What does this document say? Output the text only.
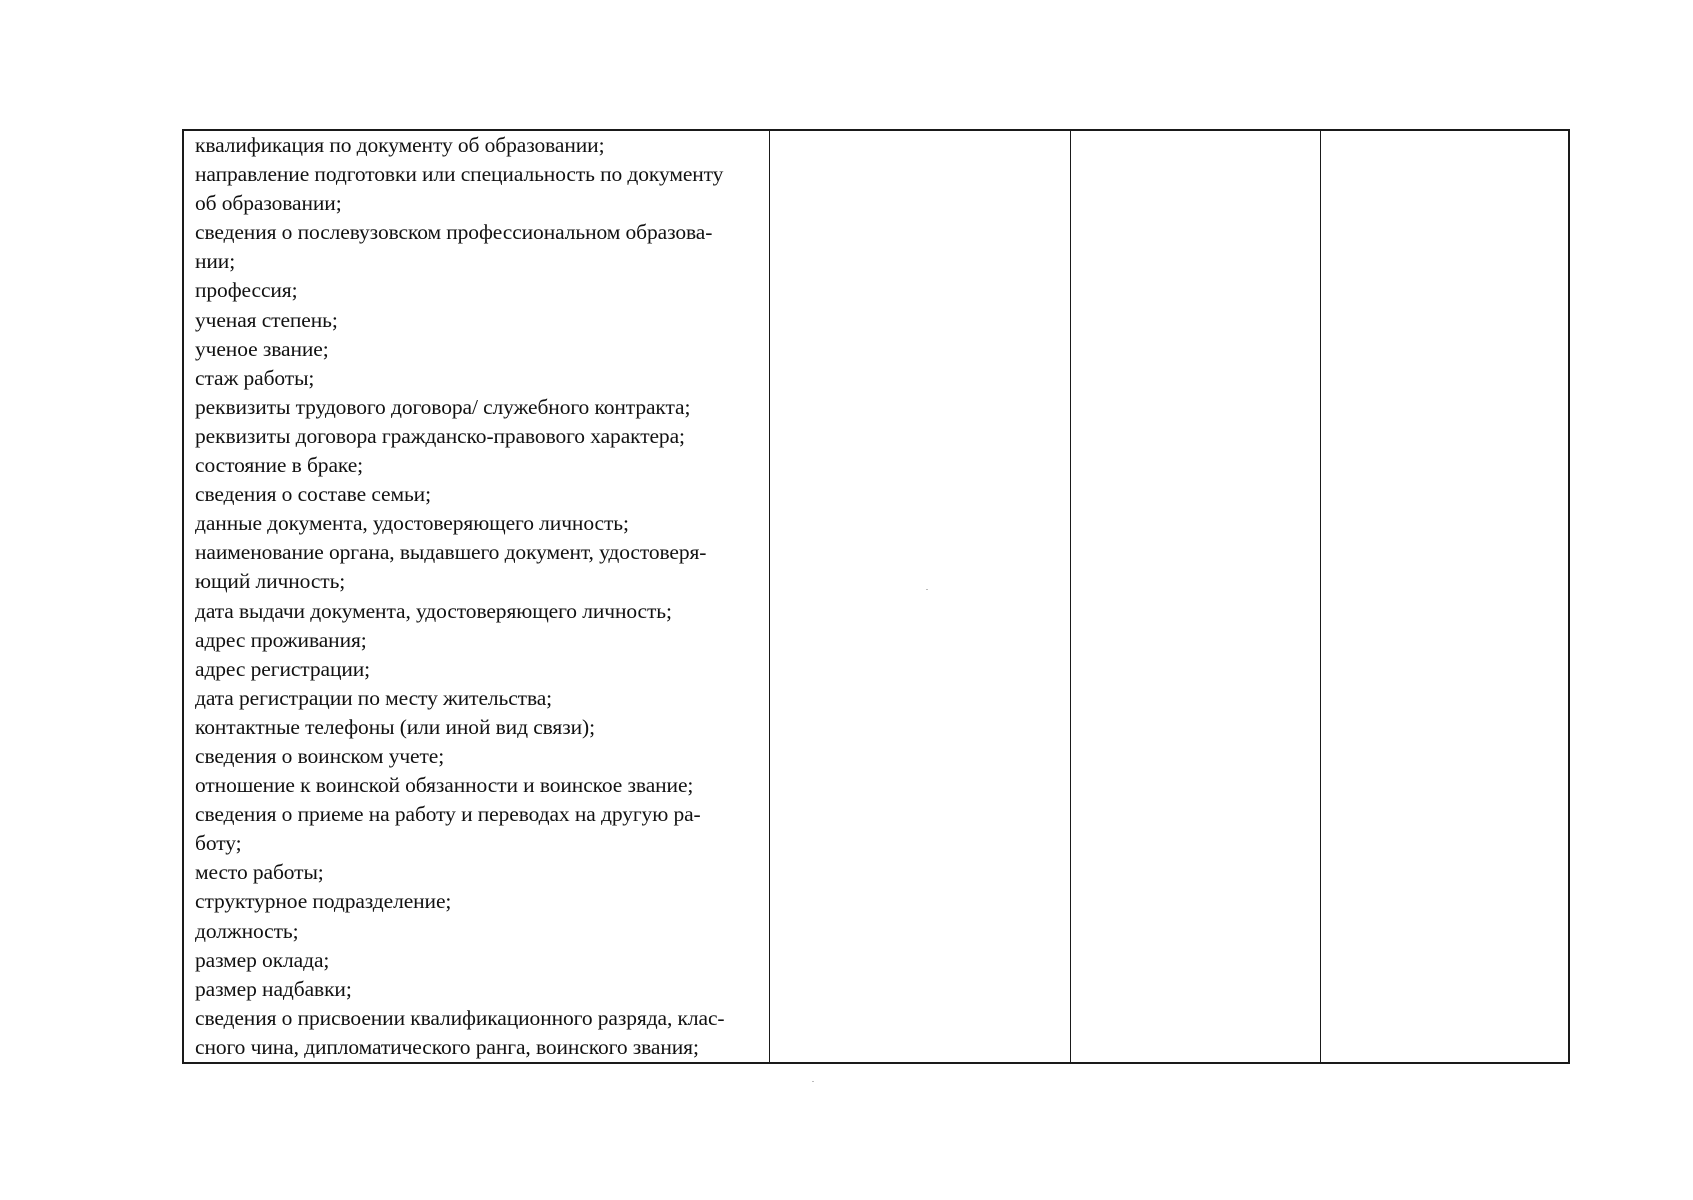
квалификация по документу об образовании;
направление подготовки или специальность по документу
об образовании;
сведения о послевузовском профессиональном образова-
нии;
профессия;
ученая степень;
ученое звание;
стаж работы;
реквизиты трудового договора/ служебного контракта;
реквизиты договора гражданско-правового характера;
состояние в браке;
сведения о составе семьи;
данные документа, удостоверяющего личность;
наименование органа, выдавшего документ, удостоверя-
ющий личность;
дата выдачи документа, удостоверяющего личность;
адрес проживания;
адрес регистрации;
дата регистрации по месту жительства;
контактные телефоны (или иной вид связи);
сведения о воинском учете;
отношение к воинской обязанности и воинское звание;
сведения о приеме на работу и переводах на другую ра-
боту;
место работы;
структурное подразделение;
должность;
размер оклада;
размер надбавки;
сведения о присвоении квалификационного разряда, клас-
сного чина, дипломатического ранга, воинского звания;
